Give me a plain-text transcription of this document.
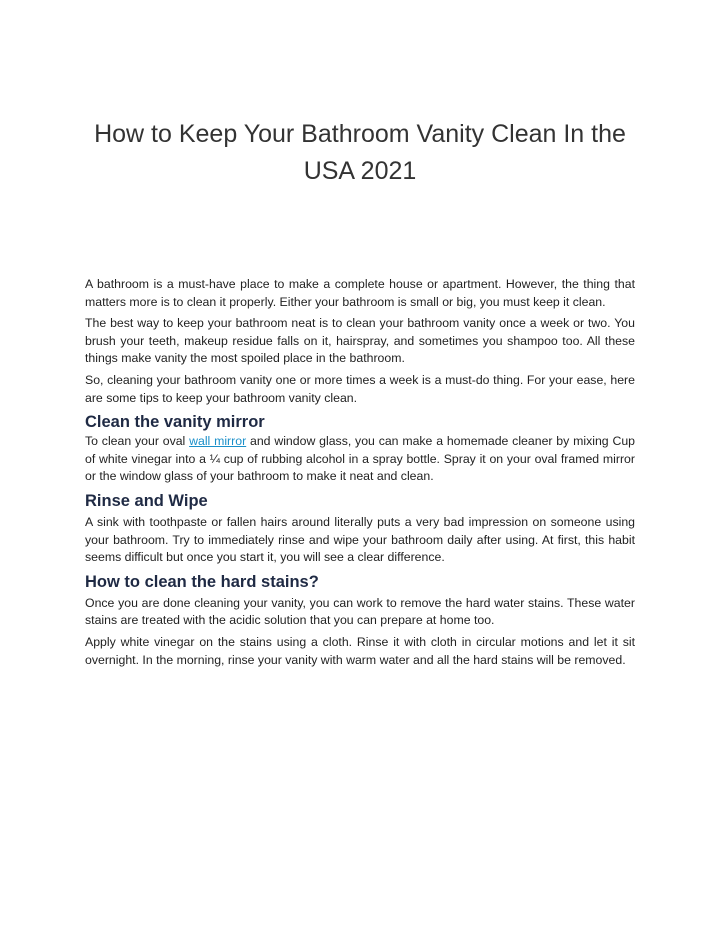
How to Keep Your Bathroom Vanity Clean In the USA 2021

A bathroom is a must-have place to make a complete house or apartment. However, the thing that matters more is to clean it properly. Either your bathroom is small or big, you must keep it clean.

The best way to keep your bathroom neat is to clean your bathroom vanity once a week or two. You brush your teeth, makeup residue falls on it, hairspray, and sometimes you shampoo too. All these things make vanity the most spoiled place in the bathroom.

So, cleaning your bathroom vanity one or more times a week is a must-do thing. For your ease, here are some tips to keep your bathroom vanity clean.

Clean the vanity mirror

To clean your oval wall mirror and window glass, you can make a homemade cleaner by mixing Cup of white vinegar into a ¼ cup of rubbing alcohol in a spray bottle. Spray it on your oval framed mirror or the window glass of your bathroom to make it neat and clean.

Rinse and Wipe

A sink with toothpaste or fallen hairs around literally puts a very bad impression on someone using your bathroom. Try to immediately rinse and wipe your bathroom daily after using. At first, this habit seems difficult but once you start it, you will see a clear difference.

How to clean the hard stains?

Once you are done cleaning your vanity, you can work to remove the hard water stains. These water stains are treated with the acidic solution that you can prepare at home too.

Apply white vinegar on the stains using a cloth. Rinse it with cloth in circular motions and let it sit overnight. In the morning, rinse your vanity with warm water and all the hard stains will be removed.
